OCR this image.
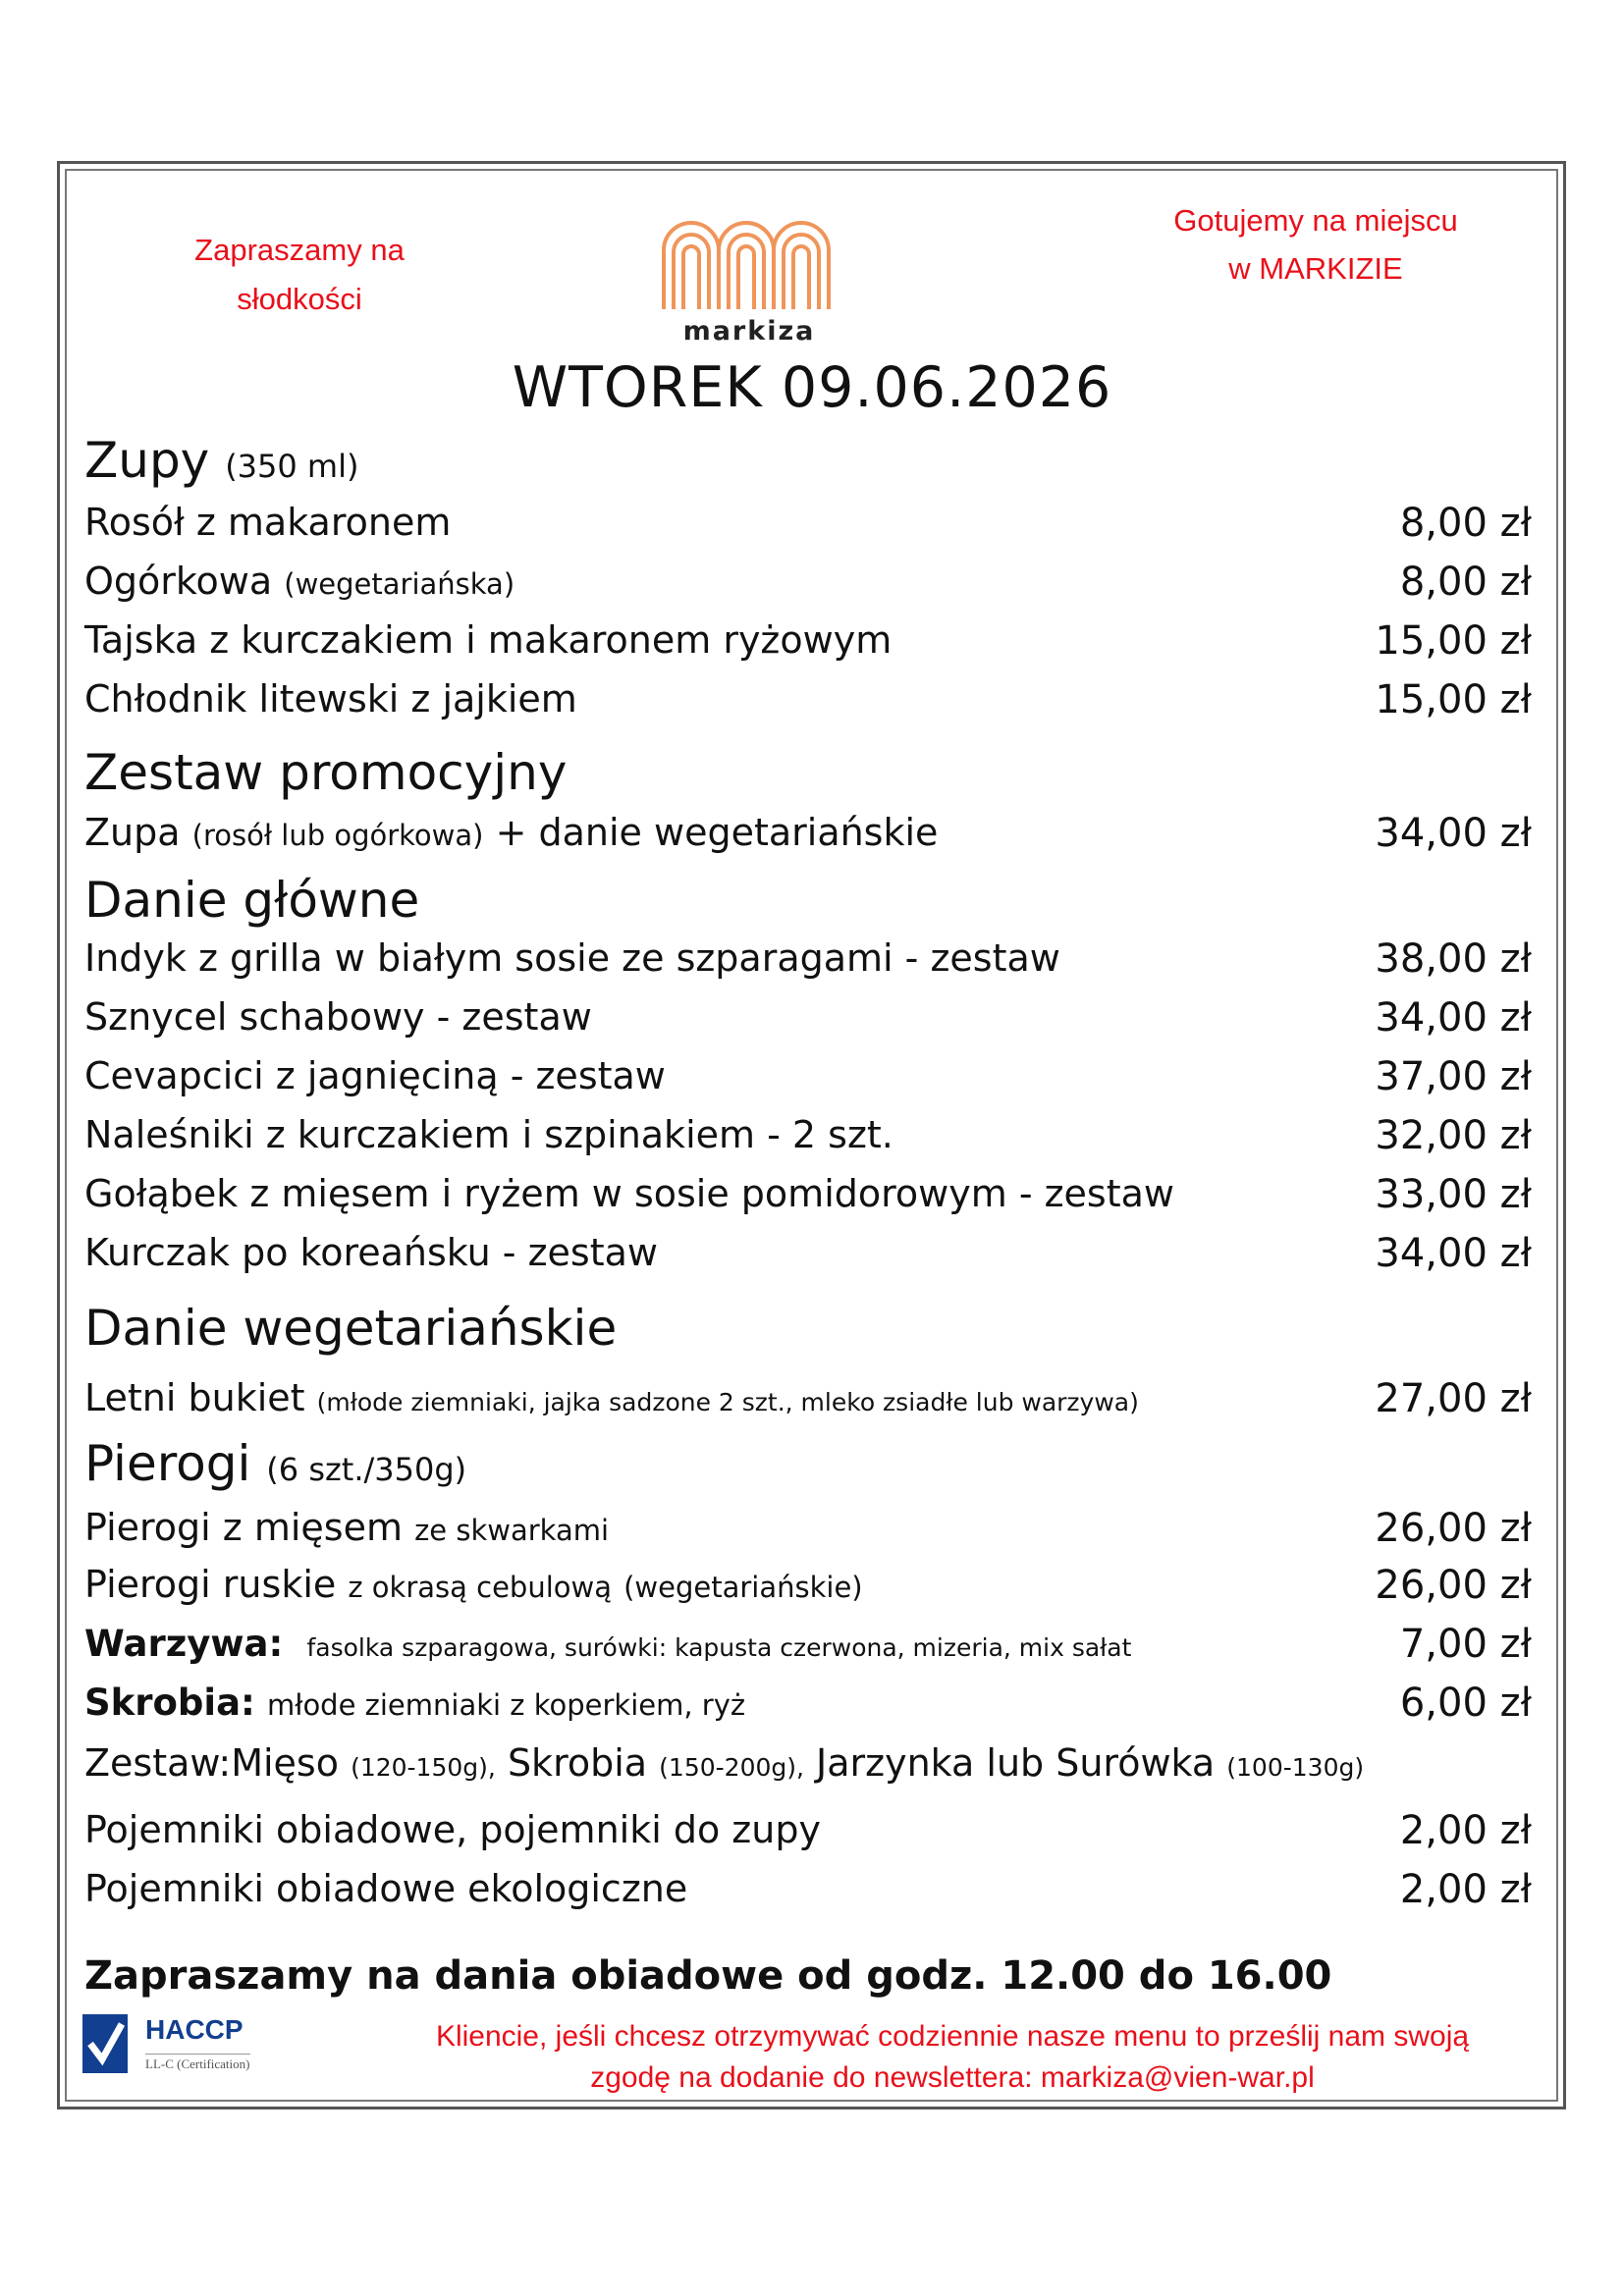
Zapraszamy na
słodkości
markiza
Gotujemy na miejscu
w MARKIZIE
WTOREK 09.06.2026
Zupy (350 ml)
Rosół z makaronem	8,00 zł
Ogórkowa (wegetariańska)	8,00 zł
Tajska z kurczakiem i makaronem ryżowym	15,00 zł
Chłodnik litewski z jajkiem	15,00 zł
Zestaw promocyjny
Zupa (rosół lub ogórkowa) + danie wegetariańskie	34,00 zł
Danie główne
Indyk z grilla w białym sosie ze szparagami - zestaw	38,00 zł
Sznycel schabowy - zestaw	34,00 zł
Cevapcici z jagnięciną - zestaw	37,00 zł
Naleśniki z kurczakiem i szpinakiem - 2 szt.	32,00 zł
Gołąbek z mięsem i ryżem w sosie pomidorowym - zestaw	33,00 zł
Kurczak po koreańsku - zestaw	34,00 zł
Danie wegetariańskie
Letni bukiet (młode ziemniaki, jajka sadzone 2 szt., mleko zsiadłe lub warzywa)	27,00 zł
Pierogi (6 szt./350g)
Pierogi z mięsem ze skwarkami	26,00 zł
Pierogi ruskie z okrasą cebulową (wegetariańskie)	26,00 zł
Warzywa: fasolka szparagowa, surówki: kapusta czerwona, mizeria, mix sałat	7,00 zł
Skrobia: młode ziemniaki z koperkiem, ryż	6,00 zł
Zestaw:Mięso (120-150g), Skrobia (150-200g), Jarzynka lub Surówka (100-130g)
Pojemniki obiadowe, pojemniki do zupy	2,00 zł
Pojemniki obiadowe ekologiczne	2,00 zł
Zapraszamy na dania obiadowe od godz. 12.00 do 16.00
HACCP
LL-C (Certification)
Kliencie, jeśli chcesz otrzymywać codziennie nasze menu to prześlij nam swoją
zgodę na dodanie do newslettera: markiza@vien-war.pl
